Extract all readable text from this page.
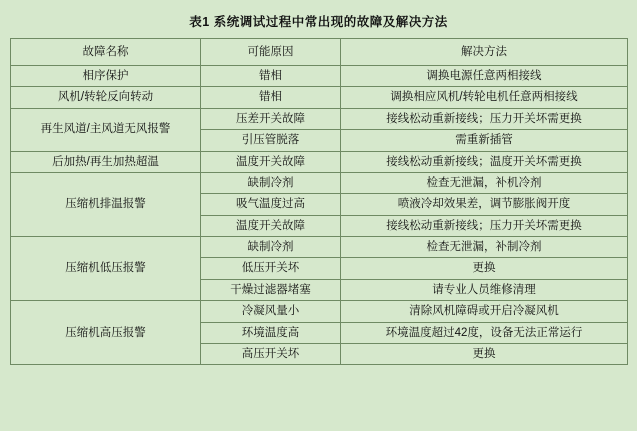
表1 系统调试过程中常出现的故障及解决方法
故障名称	可能原因	解决方法
相序保护	错相	调换电源任意两相接线
风机/转轮反向转动	错相	调换相应风机/转轮电机任意两相接线
再生风道/主风道无风报警	压差开关故障	接线松动重新接线；压力开关坏需更换
	引压管脱落	需重新插管
后加热/再生加热超温	温度开关故障	接线松动重新接线；温度开关坏需更换
压缩机排温报警	缺制冷剂	检查无泄漏，补机冷剂
	吸气温度过高	喷液冷却效果差，调节膨胀阀开度
	温度开关故障	接线松动重新接线；压力开关坏需更换
压缩机低压报警	缺制冷剂	检查无泄漏，补制冷剂
	低压开关坏	更换
	干燥过滤器堵塞	请专业人员维修清理
压缩机高压报警	冷凝风量小	清除风机障碍或开启冷凝风机
	环境温度高	环境温度超过42度，设备无法正常运行
	高压开关坏	更换
